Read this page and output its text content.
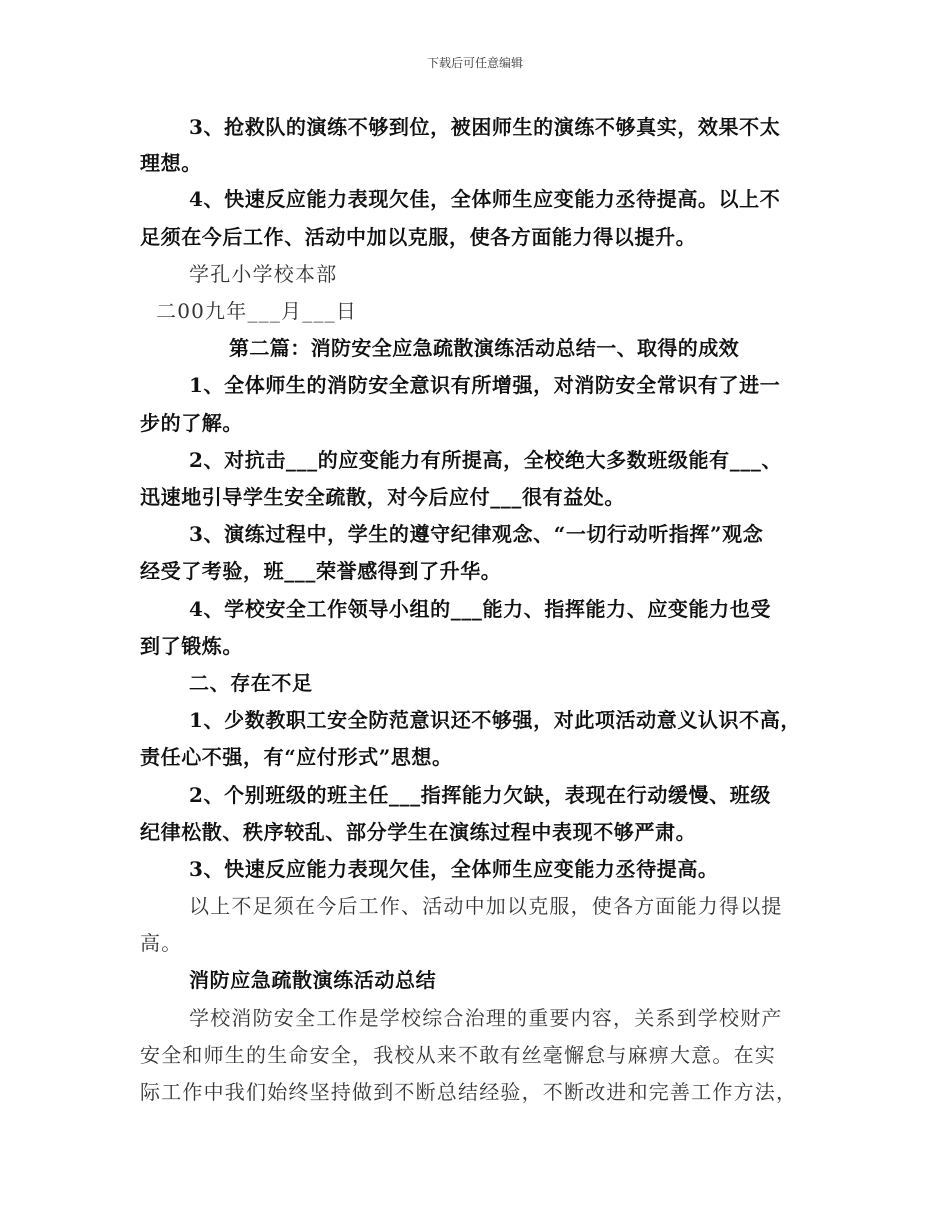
下载后可任意编辑
3、抢救队的演练不够到位，被困师生的演练不够真实，效果不太
理想。
4、快速反应能力表现欠佳，全体师生应变能力丞待提高。以上不
足须在今后工作、活动中加以克服，使各方面能力得以提升。
学孔小学校本部
二00九年___月___日
第二篇：消防安全应急疏散演练活动总结一、取得的成效
1、全体师生的消防安全意识有所增强，对消防安全常识有了进一
步的了解。
2、对抗击___的应变能力有所提高，全校绝大多数班级能有___、
迅速地引导学生安全疏散，对今后应付___很有益处。
3、演练过程中，学生的遵守纪律观念、“一切行动听指挥”观念
经受了考验，班___荣誉感得到了升华。
4、学校安全工作领导小组的___能力、指挥能力、应变能力也受
到了锻炼。
二、存在不足
1、少数教职工安全防范意识还不够强，对此项活动意义认识不高，
责任心不强，有“应付形式”思想。
2、个别班级的班主任___指挥能力欠缺，表现在行动缓慢、班级
纪律松散、秩序较乱、部分学生在演练过程中表现不够严肃。
3、快速反应能力表现欠佳，全体师生应变能力丞待提高。
以上不足须在今后工作、活动中加以克服，使各方面能力得以提
高。
消防应急疏散演练活动总结
学校消防安全工作是学校综合治理的重要内容，关系到学校财产
安全和师生的生命安全，我校从来不敢有丝毫懈怠与麻痹大意。在实
际工作中我们始终坚持做到不断总结经验，不断改进和完善工作方法，
